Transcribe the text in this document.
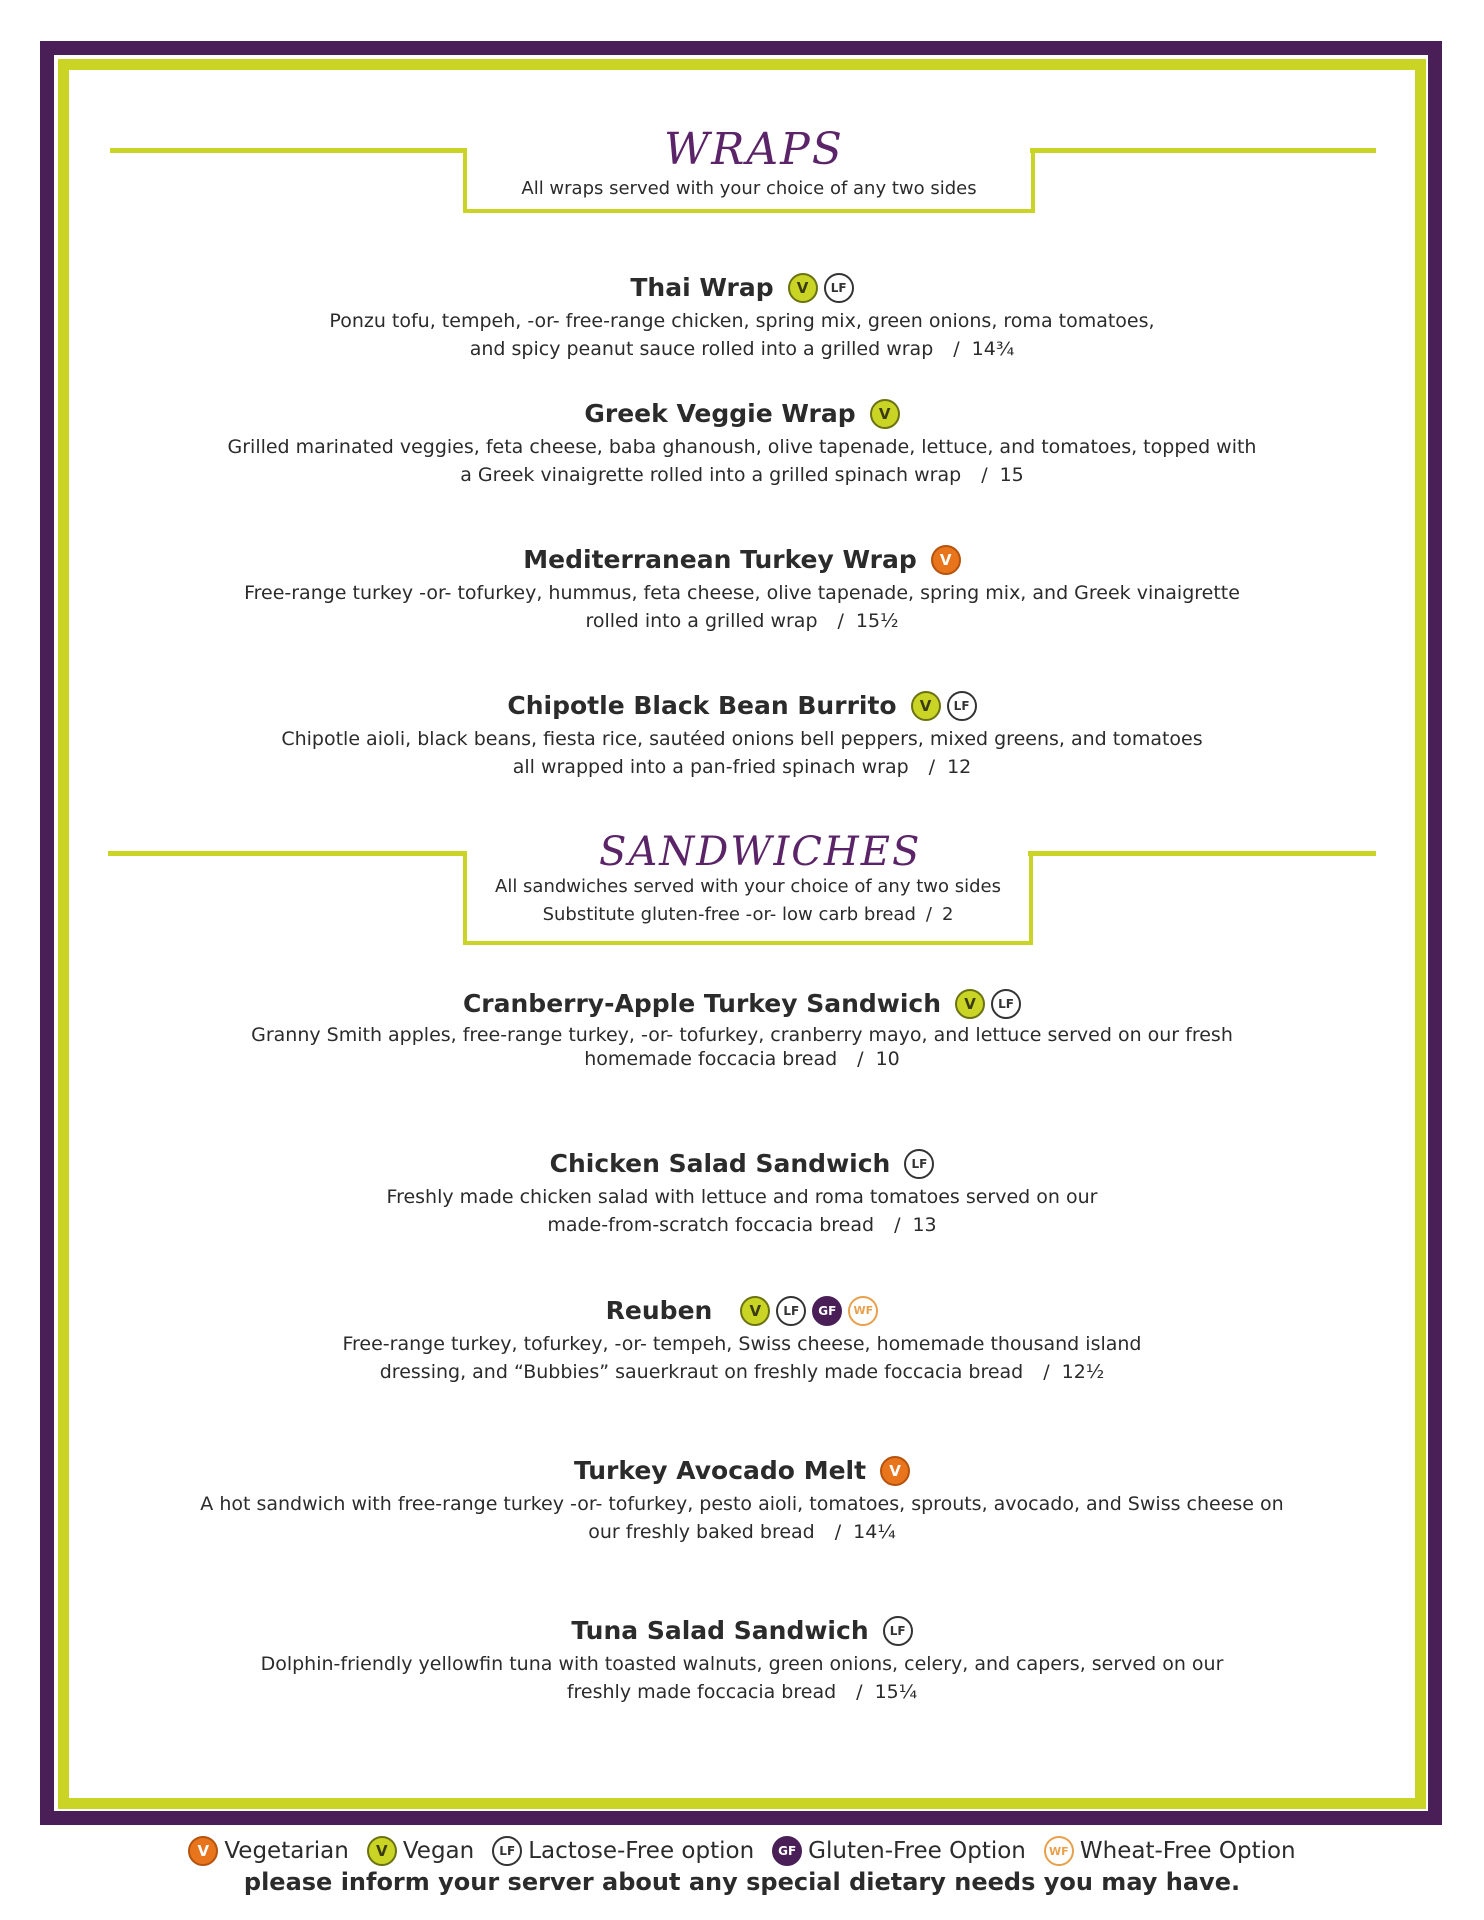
All wraps served with your choice of any two sides
WRAPS
Thai Wrap	V	LF
Ponzu tofu, tempeh, -or- free-range chicken, spring mix, green onions, roma tomatoes,
and spicy peanut sauce rolled into a grilled wrap / 14¾
Greek Veggie Wrap	V
Grilled marinated veggies, feta cheese, baba ghanoush, olive tapenade, lettuce, and tomatoes, topped with
a Greek vinaigrette rolled into a grilled spinach wrap / 15
Mediterranean Turkey Wrap	V
Free-range turkey -or- tofurkey, hummus, feta cheese, olive tapenade, spring mix, and Greek vinaigrette
rolled into a grilled wrap / 15½
Chipotle Black Bean Burrito	V	LF
Chipotle aioli, black beans, fiesta rice, sautéed onions bell peppers, mixed greens, and tomatoes
all wrapped into a pan-fried spinach wrap / 12
All sandwiches served with your choice of any two sides
Substitute gluten-free -or- low carb bread / 2
SANDWICHES
Cranberry-Apple Turkey Sandwich	V	LF
Granny Smith apples, free-range turkey, -or- tofurkey, cranberry mayo, and lettuce served on our fresh
homemade foccacia bread / 10
Chicken Salad Sandwich	LF
Freshly made chicken salad with lettuce and roma tomatoes served on our
made-from-scratch foccacia bread / 13
Reuben	V	LF	GF	WF
Free-range turkey, tofurkey, -or- tempeh, Swiss cheese, homemade thousand island
dressing, and “Bubbies” sauerkraut on freshly made foccacia bread / 12½
Turkey Avocado Melt	V
A hot sandwich with free-range turkey -or- tofurkey, pesto aioli, tomatoes, sprouts, avocado, and Swiss cheese on
our freshly baked bread / 14¼
Tuna Salad Sandwich	LF
Dolphin-friendly yellowfin tuna with toasted walnuts, green onions, celery, and capers, served on our
freshly made foccacia bread / 15¼
V Vegetarian	V Vegan	LF Lactose-Free option	GF Gluten-Free Option	WF Wheat-Free Option
please inform your server about any special dietary needs you may have.
